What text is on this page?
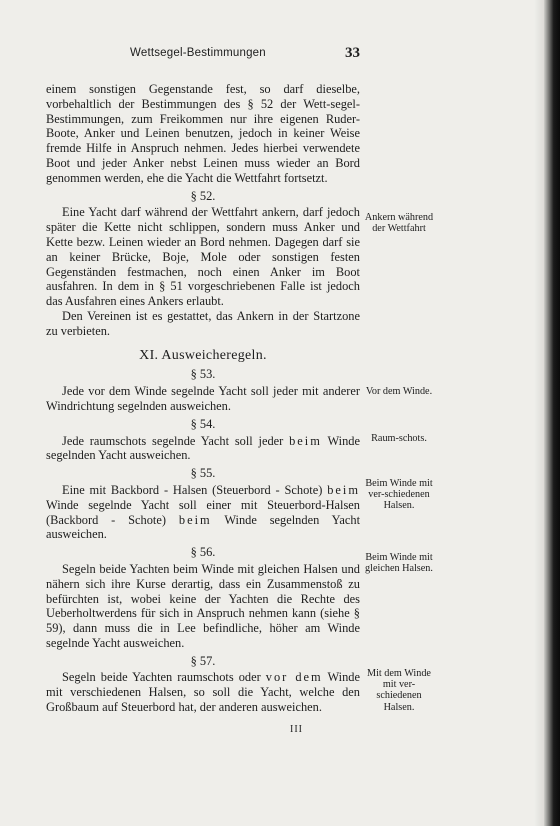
Wettsegel-Bestimmungen	33

einem sonstigen Gegenstande fest, so darf dieselbe, vorbehaltlich der Bestimmungen des § 52 der Wett-segel-Bestimmungen, zum Freikommen nur ihre eigenen Ruder-Boote, Anker und Leinen benutzen, jedoch in keiner Weise fremde Hilfe in Anspruch nehmen. Jedes hierbei verwendete Boot und jeder Anker nebst Leinen muss wieder an Bord genommen werden, ehe die Yacht die Wettfahrt fortsetzt.

§ 52.

Eine Yacht darf während der Wettfahrt ankern, darf jedoch später die Kette nicht schlippen, sondern muss Anker und Kette bezw. Leinen wieder an Bord nehmen. Dagegen darf sie an keiner Brücke, Boje, Mole oder sonstigen festen Gegenständen festmachen, noch einen Anker im Boot ausfahren. In dem in § 51 vorgeschriebenen Falle ist jedoch das Ausfahren eines Ankers erlaubt.

Den Vereinen ist es gestattet, das Ankern in der Startzone zu verbieten.

XI. Ausweicheregeln.
§ 53.

Jede vor dem Winde segelnde Yacht soll jeder mit anderer Windrichtung segelnden ausweichen.

§ 54.

Jede raumschots segelnde Yacht soll jeder beim Winde segelnden Yacht ausweichen.

§ 55.

Eine mit Backbord - Halsen (Steuerbord - Schote) beim Winde segelnde Yacht soll einer mit Steuerbord-Halsen (Backbord - Schote) beim Winde segelnden Yacht ausweichen.

§ 56.

Segeln beide Yachten beim Winde mit gleichen Halsen und nähern sich ihre Kurse derartig, dass ein Zusammenstoß zu befürchten ist, wobei keine der Yachten die Rechte des Ueberholtwerdens für sich in Anspruch nehmen kann (siehe § 59), dann muss die in Lee befindliche, höher am Winde segelnde Yacht ausweichen.

§ 57.

Segeln beide Yachten raumschots oder vor dem Winde mit verschiedenen Halsen, so soll die Yacht, welche den Großbaum auf Steuerbord hat, der anderen ausweichen.

Ankern während der Wettfahrt
Vor dem Winde.
Raum-schots.
Beim Winde mit ver-schiedenen Halsen.
Beim Winde mit gleichen Halsen.
Mit dem Winde mit ver-schiedenen Halsen.
III
